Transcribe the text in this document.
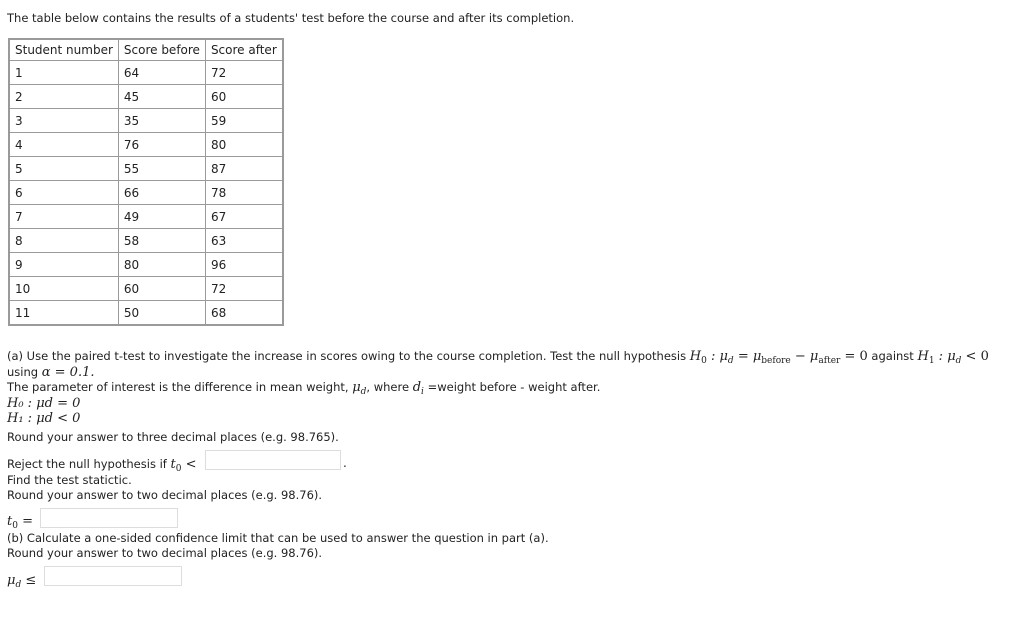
The table below contains the results of a students' test before the course and after its completion.

Student number	Score before	Score after
1	64	72
2	45	60
3	35	59
4	76	80
5	55	87
6	66	78
7	49	67
8	58	63
9	80	96
10	60	72
11	50	68
(a) Use the paired t-test to investigate the increase in scores owing to the course completion. Test the null hypothesis $H_0$ : $\mu_d = \mu_{before} - \mu_{after} = 0$ against $H_1$ : $\mu_d < 0$
using α = 0.1.
The parameter of interest is the difference in mean weight, $\mu_d$, where $d_i$ =weight before - weight after.
H₀ : μd = 0
H₁ : μd < 0
Round your answer to three decimal places (e.g. 98.765).
Reject the null hypothesis if $t_0$ <	.
Find the test statictic.
Round your answer to two decimal places (e.g. 98.76).
$t_0$ =
(b) Calculate a one-sided confidence limit that can be used to answer the question in part (a).
Round your answer to two decimal places (e.g. 98.76).
$\mu_d$ ≤
